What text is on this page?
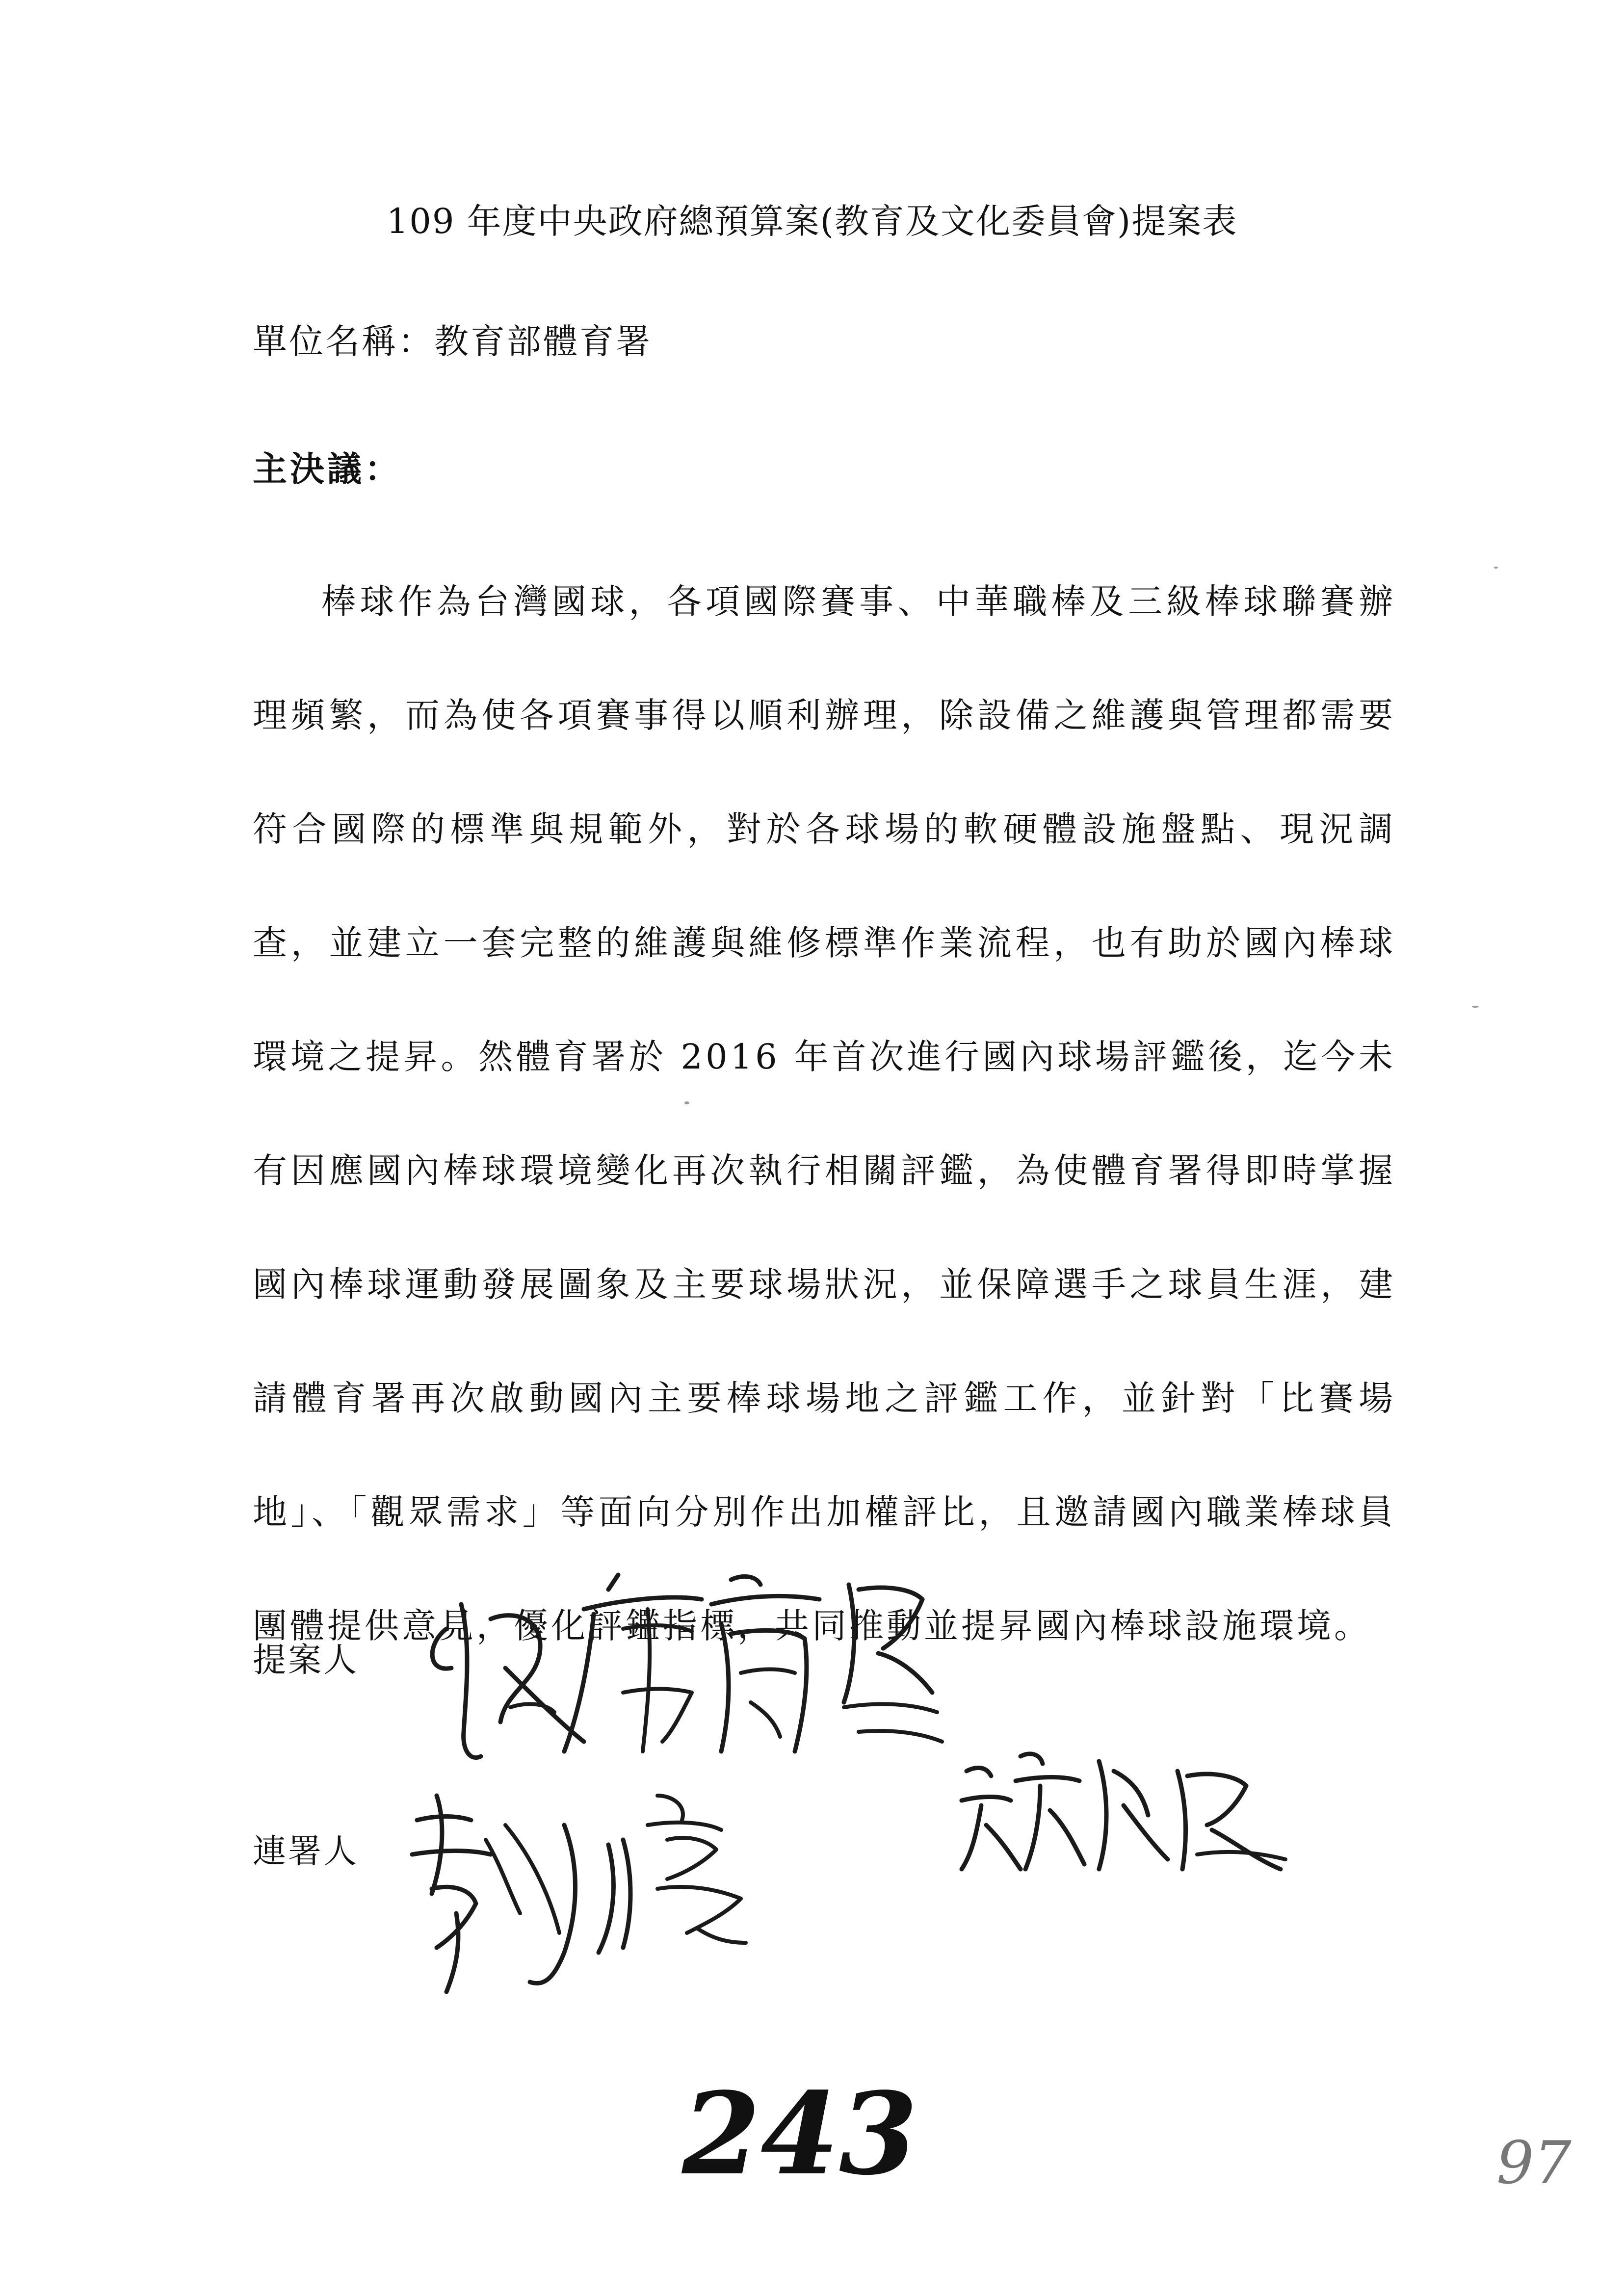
109 年度中央政府總預算案(教育及文化委員會)提案表
單位名稱：教育部體育署
主決議：

棒球作為台灣國球，各項國際賽事、中華職棒及三級棒球聯賽辦理頻繁，而為使各項賽事得以順利辦理，除設備之維護與管理都需要符合國際的標準與規範外，對於各球場的軟硬體設施盤點、現況調查，並建立一套完整的維護與維修標準作業流程，也有助於國內棒球環境之提昇。然體育署於 2016 年首次進行國內球場評鑑後，迄今未有因應國內棒球環境變化再次執行相關評鑑，為使體育署得即時掌握國內棒球運動發展圖象及主要球場狀況，並保障選手之球員生涯，建請體育署再次啟動國內主要棒球場地之評鑑工作，並針對「比賽場地」、「觀眾需求」等面向分別作出加權評比，且邀請國內職業棒球員團體提供意見，優化評鑑指標，共同推動並提昇國內棒球設施環境。

提案人
連署人
243	97
